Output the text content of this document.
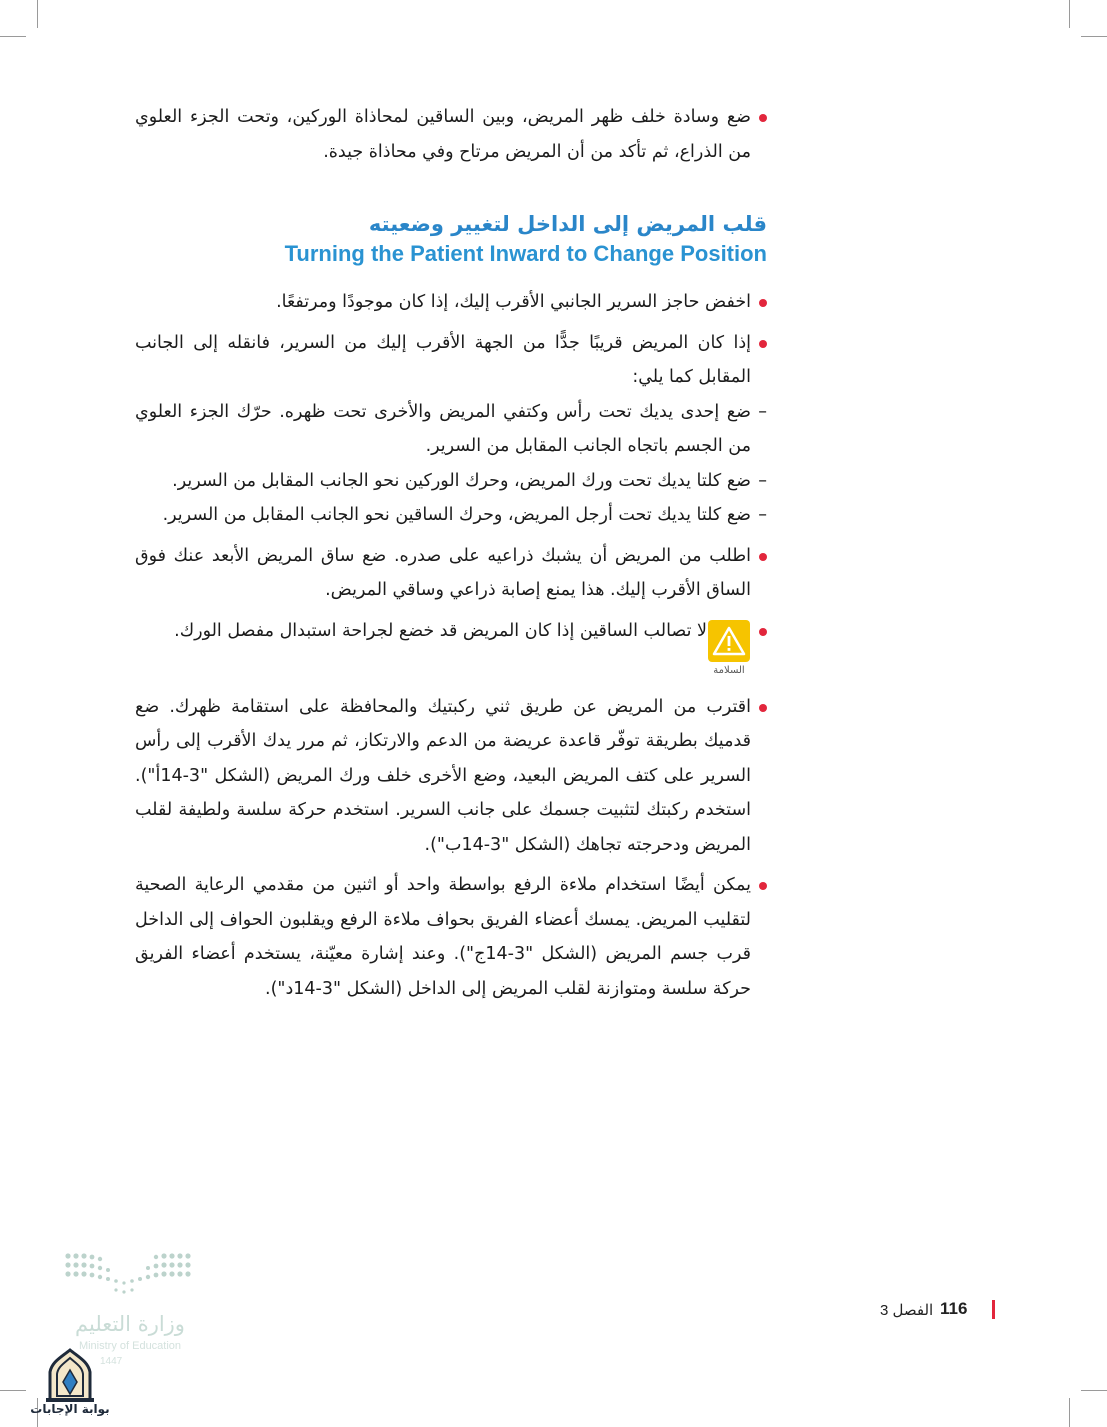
ضع وسادة خلف ظهر المريض، وبين الساقين لمحاذاة الوركين، وتحت الجزء العلوي من الذراع، ثم تأكد من أن المريض مرتاح وفي محاذاة جيدة.

قلب المريض إلى الداخل لتغيير وضعيته
Turning the Patient Inward to Change Position

اخفض حاجز السرير الجانبي الأقرب إليك، إذا كان موجودًا ومرتفعًا.

إذا كان المريض قريبًا جدًّا من الجهة الأقرب إليك من السرير، فانقله إلى الجانب المقابل كما يلي:

–
ضع إحدى يديك تحت رأس وكتفي المريض والأخرى تحت ظهره. حرّك الجزء العلوي من الجسم باتجاه الجانب المقابل من السرير.

–
ضع كلتا يديك تحت ورك المريض، وحرك الوركين نحو الجانب المقابل من السرير.

–
ضع كلتا يديك تحت أرجل المريض، وحرك الساقين نحو الجانب المقابل من السرير.

اطلب من المريض أن يشبك ذراعيه على صدره. ضع ساق المريض الأبعد عنك فوق الساق الأقرب إليك. هذا يمنع إصابة ذراعي وساقي المريض.

السلامة
لا تصالب الساقين إذا كان المريض قد خضع لجراحة استبدال مفصل الورك.

اقترب من المريض عن طريق ثني ركبتيك والمحافظة على استقامة ظهرك. ضع قدميك بطريقة توفّر قاعدة عريضة من الدعم والارتكاز، ثم مرر يدك الأقرب إلى رأس السرير على كتف المريض البعيد، وضع الأخرى خلف ورك المريض (الشكل "3-14أ"). استخدم ركبتك لتثبيت جسمك على جانب السرير. استخدم حركة سلسة ولطيفة لقلب المريض ودحرجته تجاهك (الشكل "3-14ب").

يمكن أيضًا استخدام ملاءة الرفع بواسطة واحد أو اثنين من مقدمي الرعاية الصحية لتقليب المريض. يمسك أعضاء الفريق بحواف ملاءة الرفع ويقلبون الحواف إلى الداخل قرب جسم المريض (الشكل "3-14ج"). وعند إشارة معيّنة، يستخدم أعضاء الفريق حركة سلسة ومتوازنة لقلب المريض إلى الداخل (الشكل "3-14د").

الفصل 3 116
وزارة التعليم
Ministry of Education
1447
بوابة الإجابات
